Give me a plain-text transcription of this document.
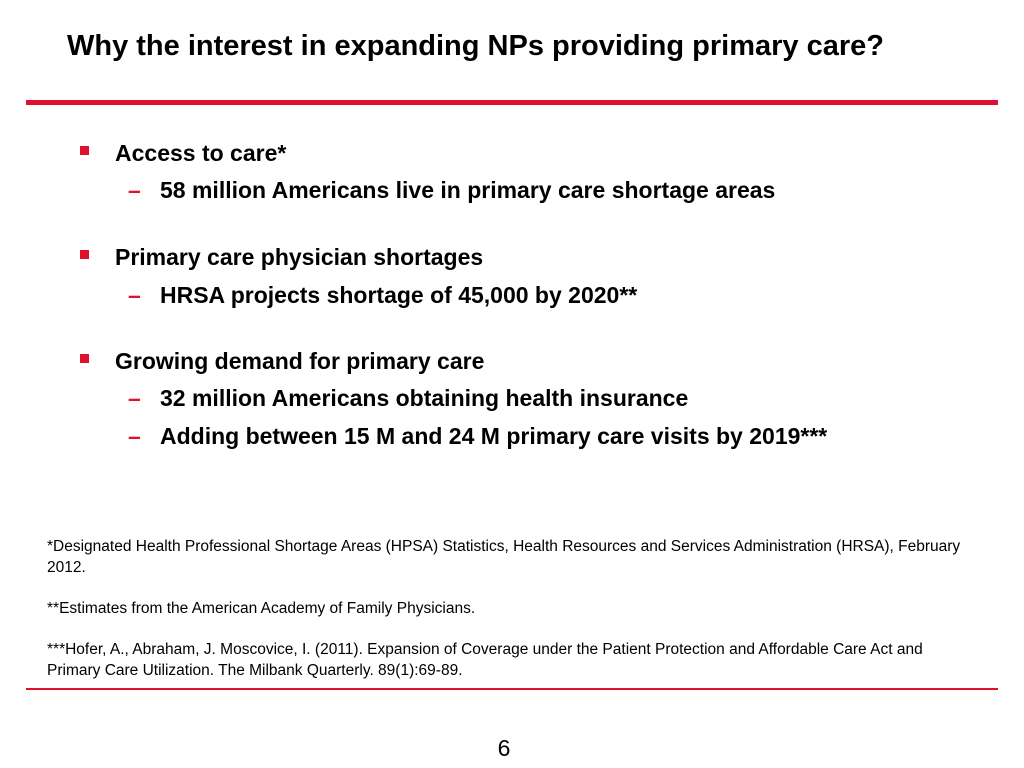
Why the interest in expanding NPs providing primary care?
Access to care*
– 58 million Americans live in primary care shortage areas
Primary care physician shortages
– HRSA projects shortage of 45,000 by 2020**
Growing demand for primary care
– 32 million Americans obtaining health insurance
– Adding between 15 M and 24 M primary care visits by 2019***

*Designated Health Professional Shortage Areas (HPSA) Statistics, Health Resources and Services Administration (HRSA), February 2012.

**Estimates from the American Academy of Family Physicians.

***Hofer, A., Abraham, J. Moscovice, I. (2011). Expansion of Coverage under the Patient Protection and Affordable Care Act and Primary Care Utilization. The Milbank Quarterly. 89(1):69-89.

6
